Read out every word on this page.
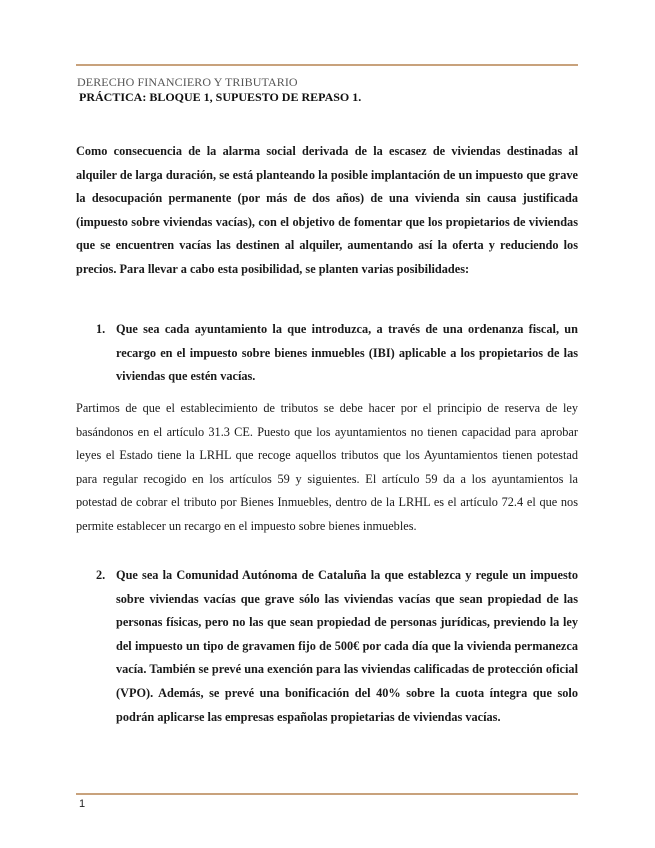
DERECHO FINANCIERO Y TRIBUTARIO
PRÁCTICA: BLOQUE 1, SUPUESTO DE REPASO 1.

Como consecuencia de la alarma social derivada de la escasez de viviendas destinadas al alquiler de larga duración, se está planteando la posible implantación de un impuesto que grave la desocupación permanente (por más de dos años) de una vivienda sin causa justificada (impuesto sobre viviendas vacías), con el objetivo de fomentar que los propietarios de viviendas que se encuentren vacías las destinen al alquiler, aumentando así la oferta y reduciendo los precios. Para llevar a cabo esta posibilidad, se planten varias posibilidades:

1. Que sea cada ayuntamiento la que introduzca, a través de una ordenanza fiscal, un recargo en el impuesto sobre bienes inmuebles (IBI) aplicable a los propietarios de las viviendas que estén vacías.

Partimos de que el establecimiento de tributos se debe hacer por el principio de reserva de ley basándonos en el artículo 31.3 CE. Puesto que los ayuntamientos no tienen capacidad para aprobar leyes el Estado tiene la LRHL que recoge aquellos tributos que los Ayuntamientos tienen potestad para regular recogido en los artículos 59 y siguientes. El artículo 59 da a los ayuntamientos la potestad de cobrar el tributo por Bienes Inmuebles, dentro de la LRHL es el artículo 72.4 el que nos permite establecer un recargo en el impuesto sobre bienes inmuebles.

2. Que sea la Comunidad Autónoma de Cataluña la que establezca y regule un impuesto sobre viviendas vacías que grave sólo las viviendas vacías que sean propiedad de las personas físicas, pero no las que sean propiedad de personas jurídicas, previendo la ley del impuesto un tipo de gravamen fijo de 500€ por cada día que la vivienda permanezca vacía. También se prevé una exención para las viviendas calificadas de protección oficial (VPO). Además, se prevé una bonificación del 40% sobre la cuota íntegra que solo podrán aplicarse las empresas españolas propietarias de viviendas vacías.
1
